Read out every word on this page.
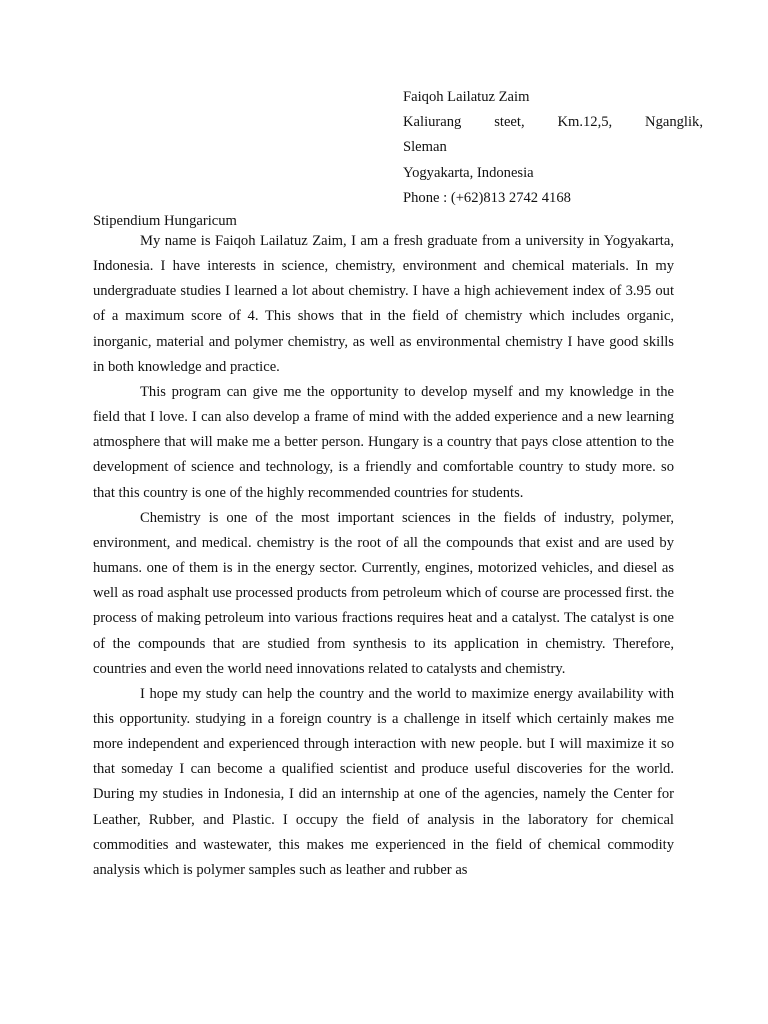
Faiqoh Lailatuz Zaim
Kaliurang steet, Km.12,5, Nganglik,
Sleman
Yogyakarta, Indonesia
Phone : (+62)813 2742 4168
Stipendium Hungaricum

My name is Faiqoh Lailatuz Zaim, I am a fresh graduate from a university in Yogyakarta, Indonesia. I have interests in science, chemistry, environment and chemical materials. In my undergraduate studies I learned a lot about chemistry. I have a high achievement index of 3.95 out of a maximum score of 4. This shows that in the field of chemistry which includes organic, inorganic, material and polymer chemistry, as well as environmental chemistry I have good skills in both knowledge and practice.

This program can give me the opportunity to develop myself and my knowledge in the field that I love. I can also develop a frame of mind with the added experience and a new learning atmosphere that will make me a better person. Hungary is a country that pays close attention to the development of science and technology, is a friendly and comfortable country to study more. so that this country is one of the highly recommended countries for students.

Chemistry is one of the most important sciences in the fields of industry, polymer, environment, and medical. chemistry is the root of all the compounds that exist and are used by humans. one of them is in the energy sector. Currently, engines, motorized vehicles, and diesel as well as road asphalt use processed products from petroleum which of course are processed first. the process of making petroleum into various fractions requires heat and a catalyst. The catalyst is one of the compounds that are studied from synthesis to its application in chemistry. Therefore, countries and even the world need innovations related to catalysts and chemistry.

I hope my study can help the country and the world to maximize energy availability with this opportunity. studying in a foreign country is a challenge in itself which certainly makes me more independent and experienced through interaction with new people. but I will maximize it so that someday I can become a qualified scientist and produce useful discoveries for the world. During my studies in Indonesia, I did an internship at one of the agencies, namely the Center for Leather, Rubber, and Plastic. I occupy the field of analysis in the laboratory for chemical commodities and wastewater, this makes me experienced in the field of chemical commodity analysis which is polymer samples such as leather and rubber as
